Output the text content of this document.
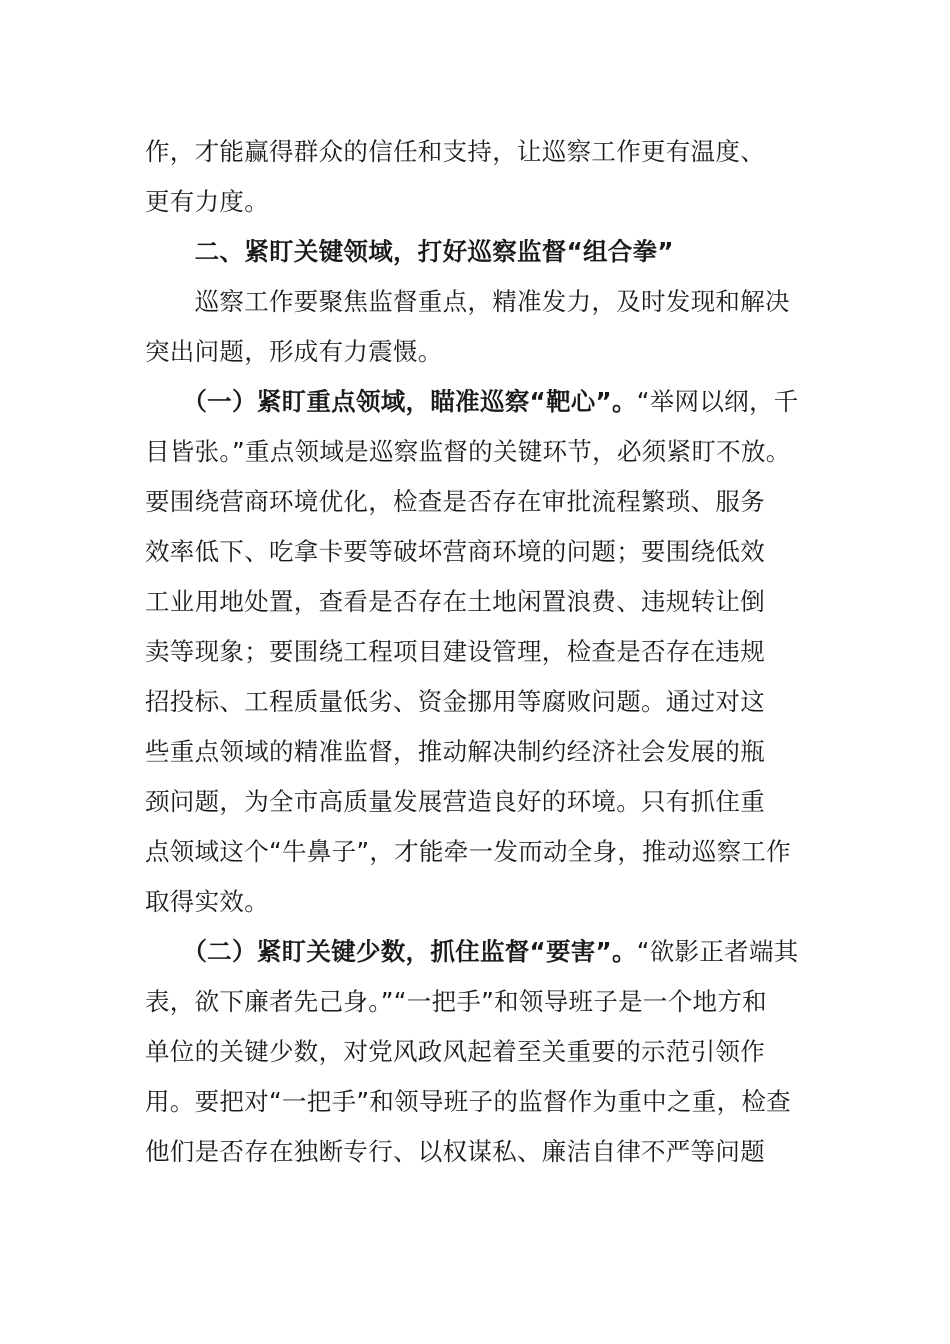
作，才能赢得群众的信任和支持，让巡察工作更有温度、
更有力度。
　　二、紧盯关键领域，打好巡察监督“组合拳”
　　巡察工作要聚焦监督重点，精准发力，及时发现和解决
突出问题，形成有力震慑。
　　（一）紧盯重点领域，瞄准巡察“靶心”。“举网以纲，千
目皆张。”重点领域是巡察监督的关键环节，必须紧盯不放。
要围绕营商环境优化，检查是否存在审批流程繁琐、服务
效率低下、吃拿卡要等破坏营商环境的问题；要围绕低效
工业用地处置，查看是否存在土地闲置浪费、违规转让倒
卖等现象；要围绕工程项目建设管理，检查是否存在违规
招投标、工程质量低劣、资金挪用等腐败问题。通过对这
些重点领域的精准监督，推动解决制约经济社会发展的瓶
颈问题，为全市高质量发展营造良好的环境。只有抓住重
点领域这个“牛鼻子”，才能牵一发而动全身，推动巡察工作
取得实效。
　　（二）紧盯关键少数，抓住监督“要害”。“欲影正者端其
表，欲下廉者先己身。”“一把手”和领导班子是一个地方和
单位的关键少数，对党风政风起着至关重要的示范引领作
用。要把对“一把手”和领导班子的监督作为重中之重，检查
他们是否存在独断专行、以权谋私、廉洁自律不严等问题
